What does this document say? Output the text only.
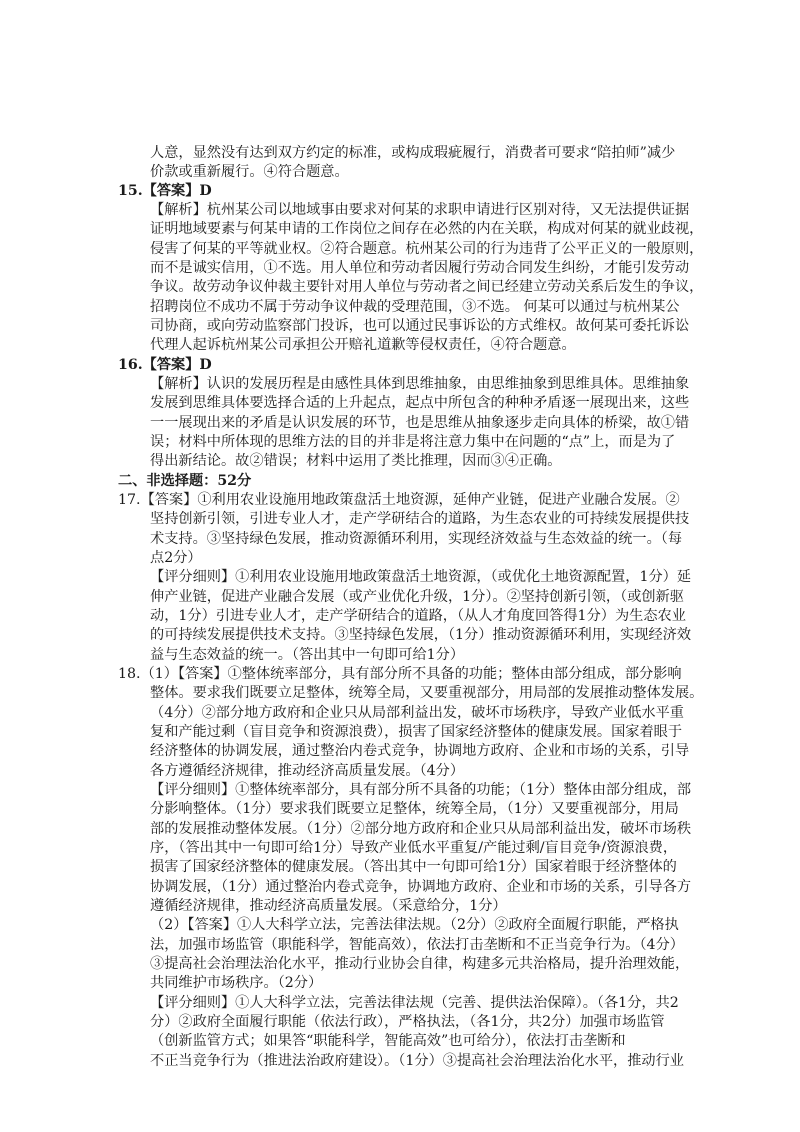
人意，显然没有达到双方约定的标准，或构成瑕疵履行，消费者可要求“陪拍师”减少
价款或重新履行。④符合题意。
15.【答案】D
【解析】杭州某公司以地域事由要求对何某的求职申请进行区别对待，又无法提供证据
证明地域要素与何某申请的工作岗位之间存在必然的内在关联，构成对何某的就业歧视，
侵害了何某的平等就业权。②符合题意。杭州某公司的行为违背了公平正义的一般原则，
而不是诚实信用，①不选。用人单位和劳动者因履行劳动合同发生纠纷，才能引发劳动
争议。故劳动争议仲裁主要针对用人单位与劳动者之间已经建立劳动关系后发生的争议，
招聘岗位不成功不属于劳动争议仲裁的受理范围，③不选。 何某可以通过与杭州某公
司协商，或向劳动监察部门投诉，也可以通过民事诉讼的方式维权。故何某可委托诉讼
代理人起诉杭州某公司承担公开赔礼道歉等侵权责任，④符合题意。
16.【答案】D
【解析】认识的发展历程是由感性具体到思维抽象，由思维抽象到思维具体。思维抽象
发展到思维具体要选择合适的上升起点，起点中所包含的种种矛盾逐一展现出来，这些
一一展现出来的矛盾是认识发展的环节，也是思维从抽象逐步走向具体的桥梁，故①错
误；材料中所体现的思维方法的目的并非是将注意力集中在问题的“点”上，而是为了
得出新结论。故②错误；材料中运用了类比推理，因而③④正确。
二、非选择题：52分
17.【答案】①利用农业设施用地政策盘活土地资源，延伸产业链，促进产业融合发展。②
坚持创新引领，引进专业人才，走产学研结合的道路，为生态农业的可持续发展提供技
术支持。③坚持绿色发展，推动资源循环利用，实现经济效益与生态效益的统一。（每
点2分）
【评分细则】①利用农业设施用地政策盘活土地资源，（或优化土地资源配置，1分）延
伸产业链，促进产业融合发展（或产业优化升级，1分）。②坚持创新引领，（或创新驱
动，1分）引进专业人才，走产学研结合的道路，（从人才角度回答得1分）为生态农业
的可持续发展提供技术支持。③坚持绿色发展，（1分）推动资源循环利用，实现经济效
益与生态效益的统一。（答出其中一句即可给1分）
18.（1）【答案】①整体统率部分，具有部分所不具备的功能；整体由部分组成，部分影响
整体。要求我们既要立足整体，统筹全局，又要重视部分，用局部的发展推动整体发展。
（4分）②部分地方政府和企业只从局部利益出发，破坏市场秩序，导致产业低水平重
复和产能过剩（盲目竞争和资源浪费），损害了国家经济整体的健康发展。国家着眼于
经济整体的协调发展，通过整治内卷式竞争，协调地方政府、企业和市场的关系，引导
各方遵循经济规律，推动经济高质量发展。（4分）
【评分细则】①整体统率部分，具有部分所不具备的功能；（1分）整体由部分组成，部
分影响整体。（1分）要求我们既要立足整体，统筹全局，（1分）又要重视部分，用局
部的发展推动整体发展。（1分）②部分地方政府和企业只从局部利益出发，破坏市场秩
序，（答出其中一句即可给1分）导致产业低水平重复/产能过剩/盲目竞争/资源浪费，
损害了国家经济整体的健康发展。（答出其中一句即可给1分）国家着眼于经济整体的
协调发展，（1分）通过整治内卷式竞争，协调地方政府、企业和市场的关系，引导各方
遵循经济规律，推动经济高质量发展。（采意给分，1分）
（2）【答案】①人大科学立法，完善法律法规。（2分）②政府全面履行职能，严格执
法，加强市场监管（职能科学，智能高效），依法打击垄断和不正当竞争行为。（4分）
③提高社会治理法治化水平，推动行业协会自律，构建多元共治格局，提升治理效能，
共同维护市场秩序。（2分）
【评分细则】①人大科学立法，完善法律法规（完善、提供法治保障）。（各1分，共2
分）②政府全面履行职能（依法行政），严格执法，（各1分，共2分）加强市场监管
（创新监管方式；如果答“职能科学，智能高效”也可给分），依法打击垄断和
不正当竞争行为（推进法治政府建设）。（1分）③提高社会治理法治化水平，推动行业
